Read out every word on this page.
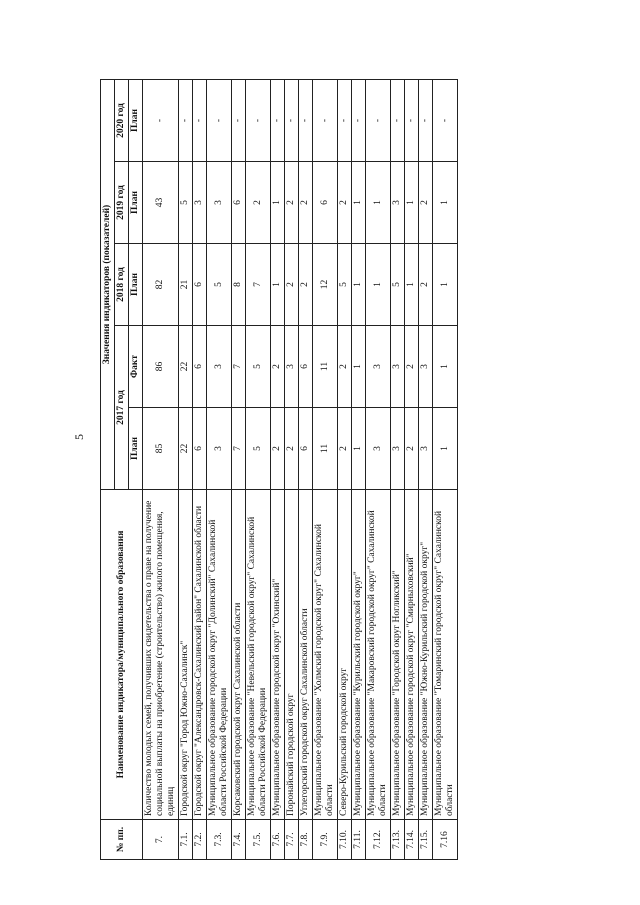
5
№ пп.	Наименование индикатора/муниципального образования	Значения индикаторов (показателей)				
		2017 год		2018 год	2019 год	2020 год
		План	Факт	План	План	План
7.	Количество молодых семей, получивших свидетельства о праве на получение социальной выплаты на приобретение (строительство) жилого помещения, единиц	85	86	82	43	-
7.1.	Городской округ "Город Южно-Сахалинск"	22	22	21	5	-
7.2.	Городской округ "Александровск-Сахалинский район" Сахалинской области	6	6	6	3	-
7.3.	Муниципальное образование городской округ "Долинский" Сахалинской области Российской Федерации	3	3	5	3	-
7.4.	Корсаковский городской округ Сахалинской области	7	7	8	6	-
7.5.	Муниципальное образование "Невельский городской округ" Сахалинской области Российской Федерации	5	5	7	2	-
7.6.	Муниципальное образование городской округ "Охинский"	2	2	1	1	-
7.7.	Поронайский городской округ	2	3	2	2	-
7.8.	Углегорский городской округ Сахалинской области	6	6	2	2	-
7.9.	Муниципальное образование "Холмский городской округ" Сахалинской области	11	11	12	6	-
7.10.	Северо-Курильский городской округ	2	2	5	2	-
7.11.	Муниципальное образование "Курильский городской округ"	1	1	1	1	-
7.12.	Муниципальное образование "Макаровский городской округ" Сахалинской области	3	3	1	1	-
7.13.	Муниципальное образование "Городской округ Ногликский"	3	3	5	3	-
7.14.	Муниципальное образование городской округ "Смирныховский"	2	2	1	1	-
7.15.	Муниципальное образование "Южно-Курильский городской округ"	3	3	2	2	-
7.16	Муниципальное образование "Томаринский городской округ" Сахалинской области	1	1	1	1	-
